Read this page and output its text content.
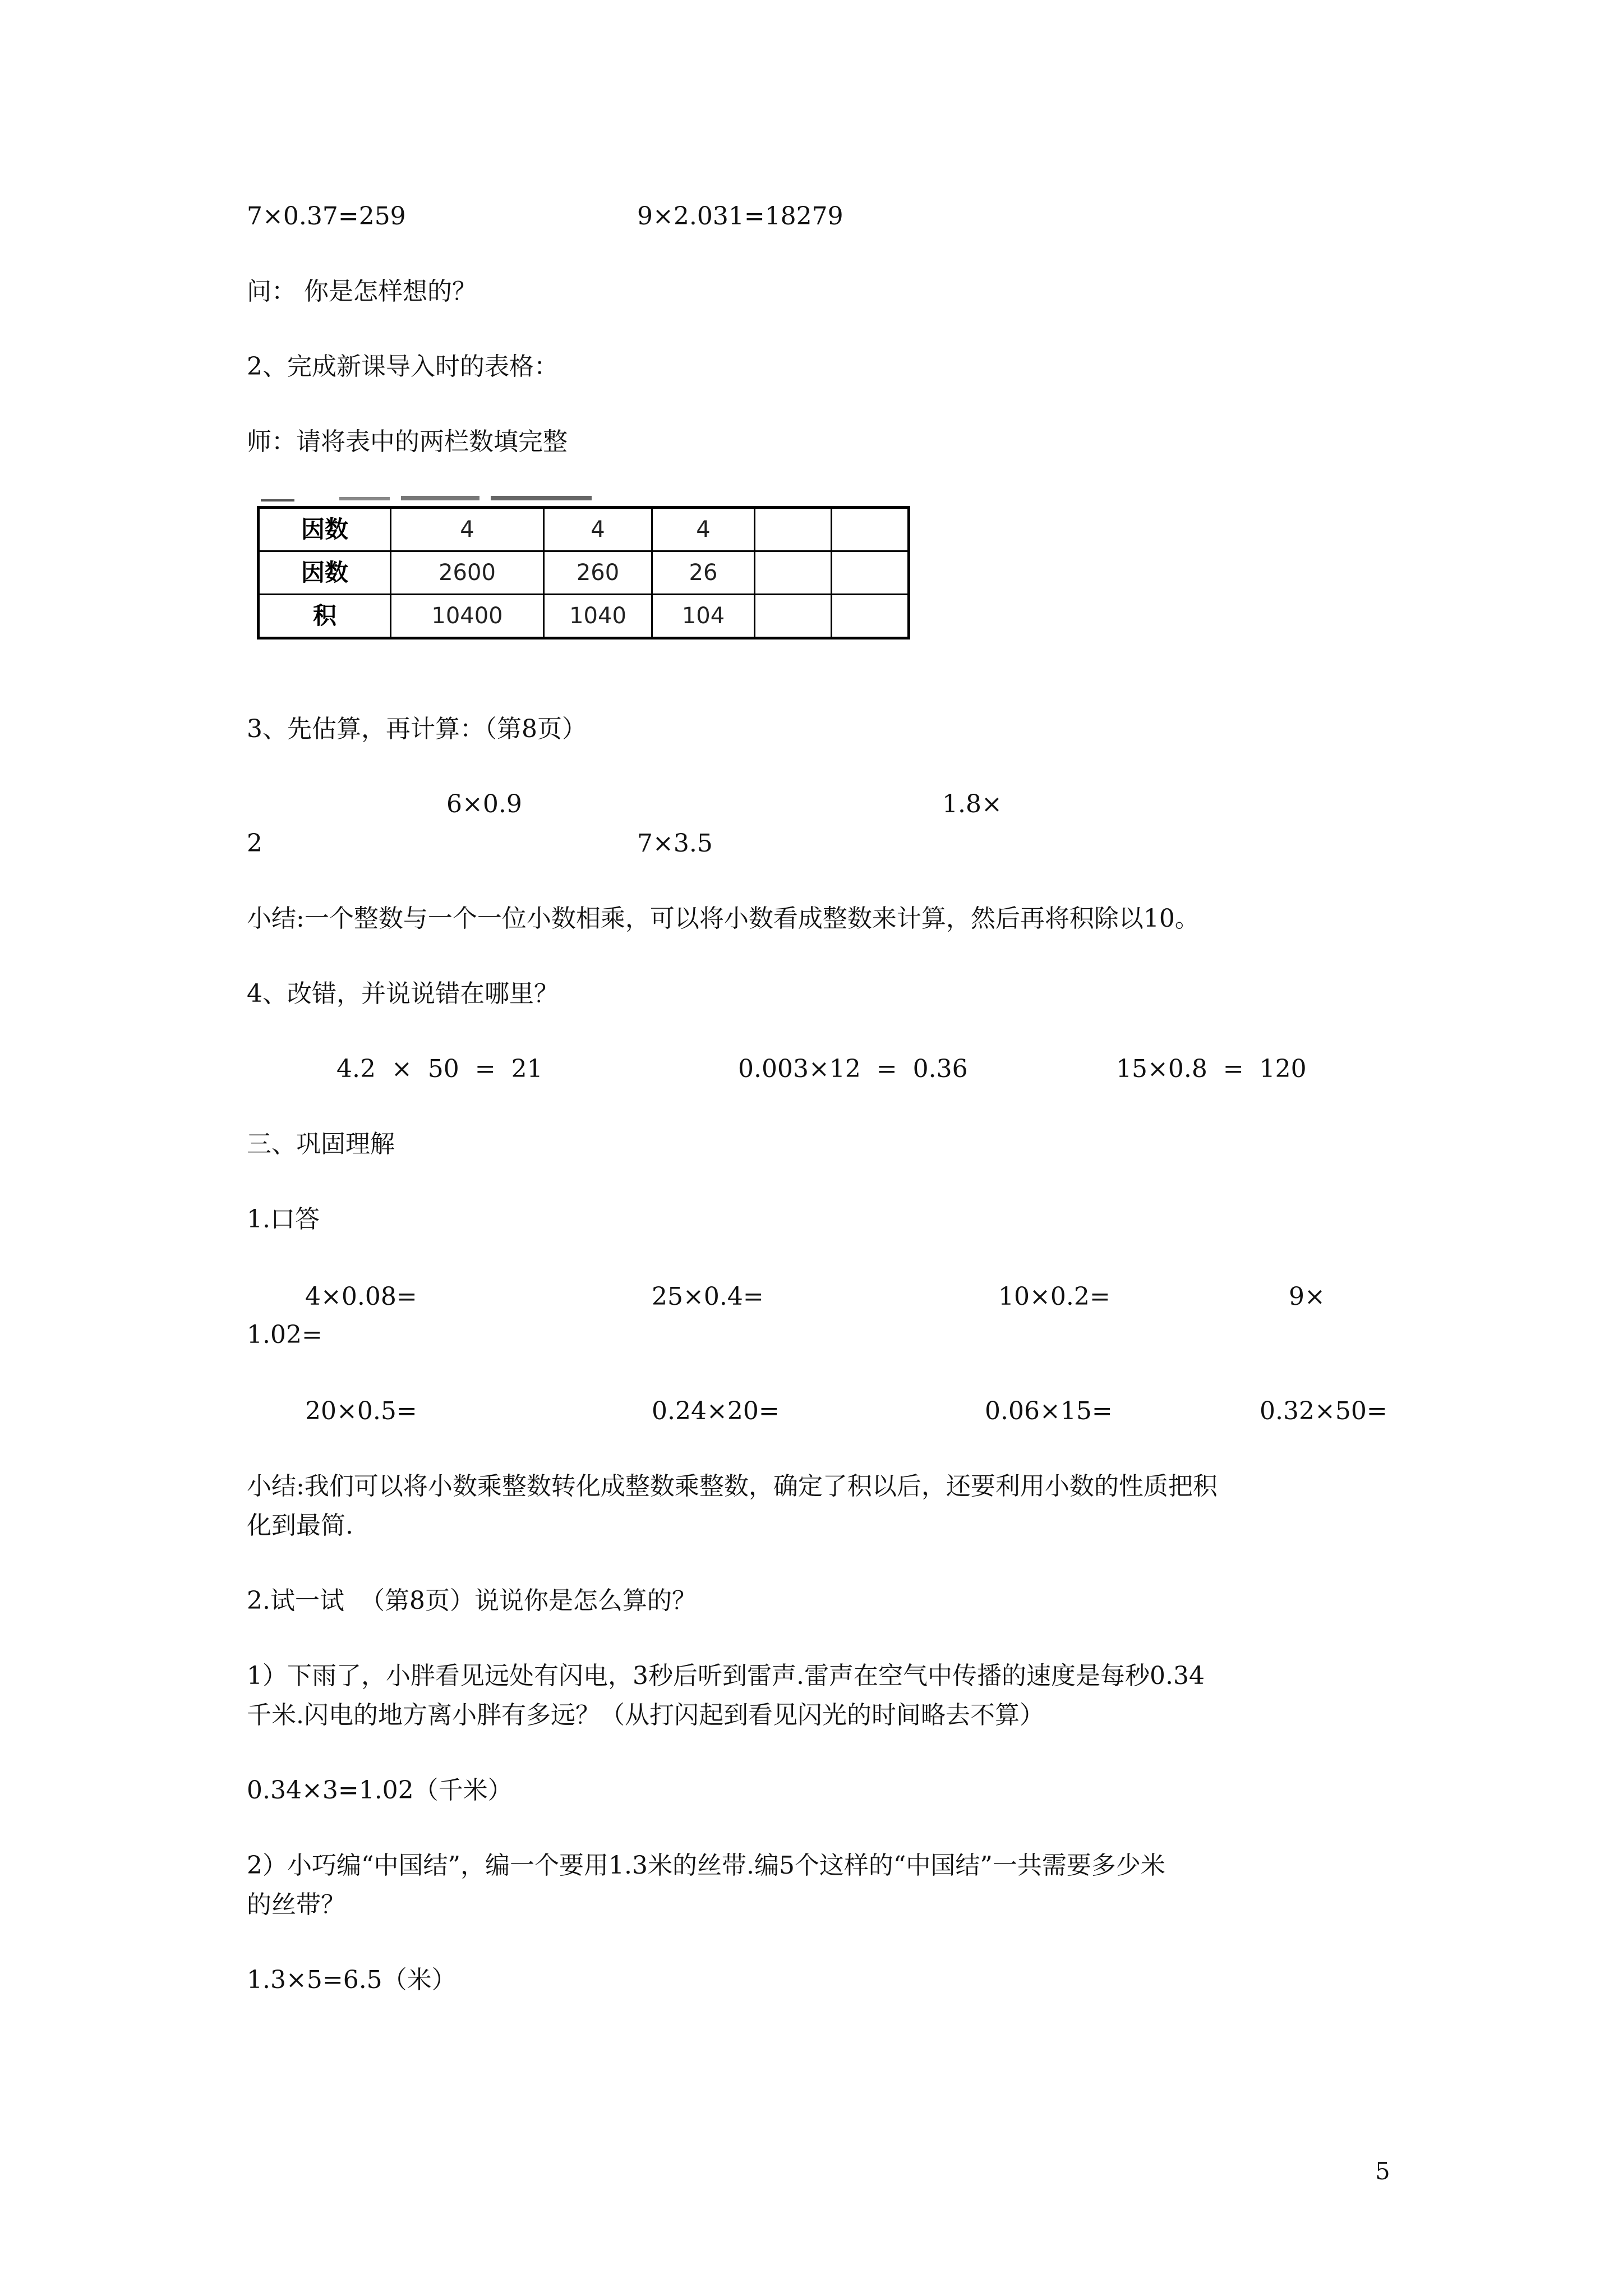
7×0.37=259	9×2.031=18279
问： 你是怎样想的？
2、完成新课导入时的表格：
师：请将表中的两栏数填完整
因数	4	4	4		
因数	2600	260	26		
积	10400	1040	104		
3、先估算，再计算：（第8页）
6×0.9	1.8×
2	7×3.5
小结:一个整数与一个一位小数相乘，可以将小数看成整数来计算，然后再将积除以10。
4、改错，并说说错在哪里？
4.2  ×  50  =  21	0.003×12  =  0.36	15×0.8  =  120
三、巩固理解
1.口答
4×0.08=	25×0.4=	10×0.2=	9×
1.02=
20×0.5=	0.24×20=	0.06×15=	0.32×50=
小结:我们可以将小数乘整数转化成整数乘整数，确定了积以后，还要利用小数的性质把积
化到最简.
2.试一试  （第8页）说说你是怎么算的？
1）下雨了，小胖看见远处有闪电，3秒后听到雷声.雷声在空气中传播的速度是每秒0.34
千米.闪电的地方离小胖有多远？（从打闪起到看见闪光的时间略去不算）
0.34×3=1.02（千米）
2）小巧编“中国结”，编一个要用1.3米的丝带.编5个这样的“中国结”一共需要多少米
的丝带？
1.3×5=6.5（米）
5
